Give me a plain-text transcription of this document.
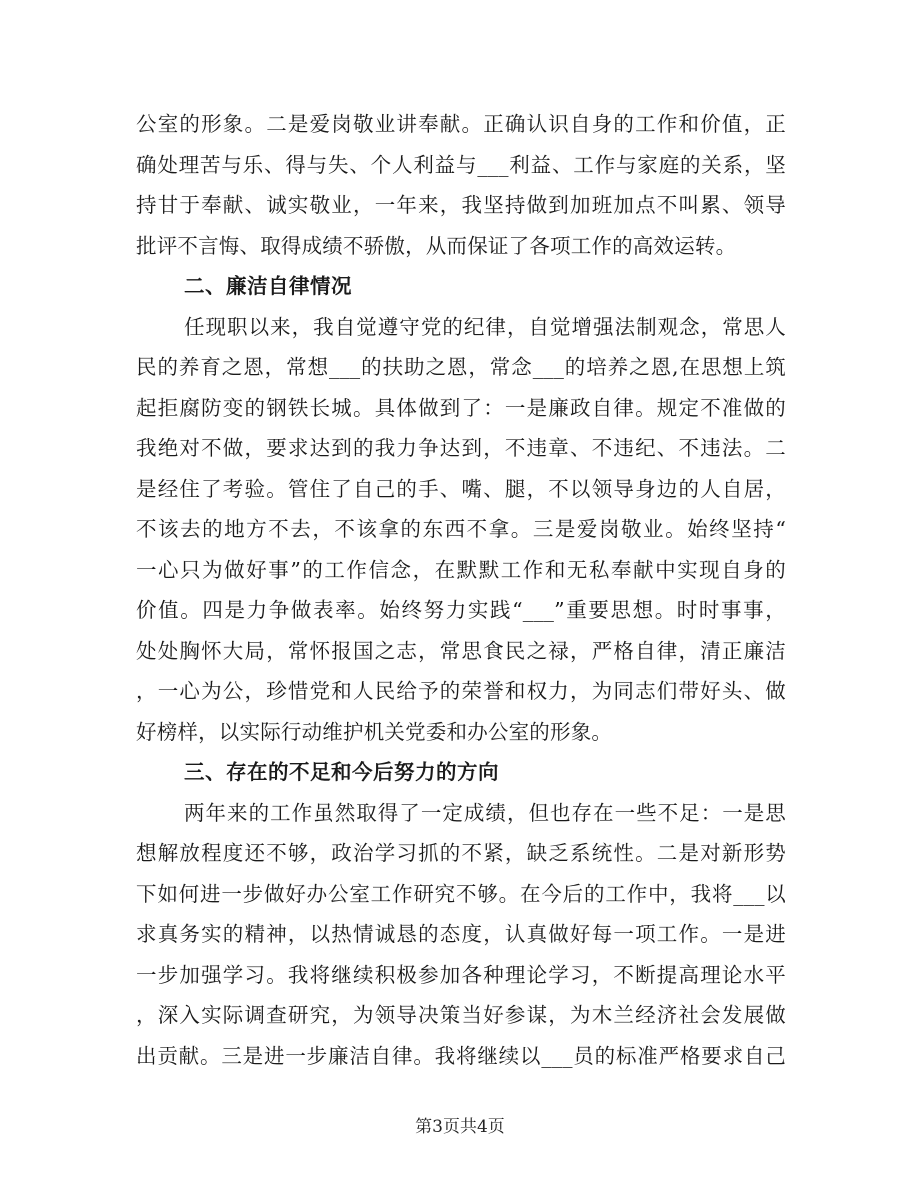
公室的形象。二是爱岗敬业讲奉献。正确认识自身的工作和价值，正
确处理苦与乐、得与失、个人利益与___利益、工作与家庭的关系，坚
持甘于奉献、诚实敬业，一年来，我坚持做到加班加点不叫累、领导
批评不言悔、取得成绩不骄傲，从而保证了各项工作的高效运转。
二、廉洁自律情况
任现职以来，我自觉遵守党的纪律，自觉增强法制观念，常思人
民的养育之恩，常想___的扶助之恩，常念___的培养之恩,在思想上筑
起拒腐防变的钢铁长城。具体做到了：一是廉政自律。规定不准做的
我绝对不做，要求达到的我力争达到，不违章、不违纪、不违法。二
是经住了考验。管住了自己的手、嘴、腿，不以领导身边的人自居，
不该去的地方不去，不该拿的东西不拿。三是爱岗敬业。始终坚持“
一心只为做好事”的工作信念，在默默工作和无私奉献中实现自身的
价值。四是力争做表率。始终努力实践“___”重要思想。时时事事，
处处胸怀大局，常怀报国之志，常思食民之禄，严格自律，清正廉洁
，一心为公，珍惜党和人民给予的荣誉和权力，为同志们带好头、做
好榜样，以实际行动维护机关党委和办公室的形象。
三、存在的不足和今后努力的方向
两年来的工作虽然取得了一定成绩，但也存在一些不足：一是思
想解放程度还不够，政治学习抓的不紧，缺乏系统性。二是对新形势
下如何进一步做好办公室工作研究不够。在今后的工作中，我将___以
求真务实的精神，以热情诚恳的态度，认真做好每一项工作。一是进
一步加强学习。我将继续积极参加各种理论学习，不断提高理论水平
，深入实际调查研究，为领导决策当好参谋，为木兰经济社会发展做
出贡献。三是进一步廉洁自律。我将继续以___员的标准严格要求自己
第3页共4页
